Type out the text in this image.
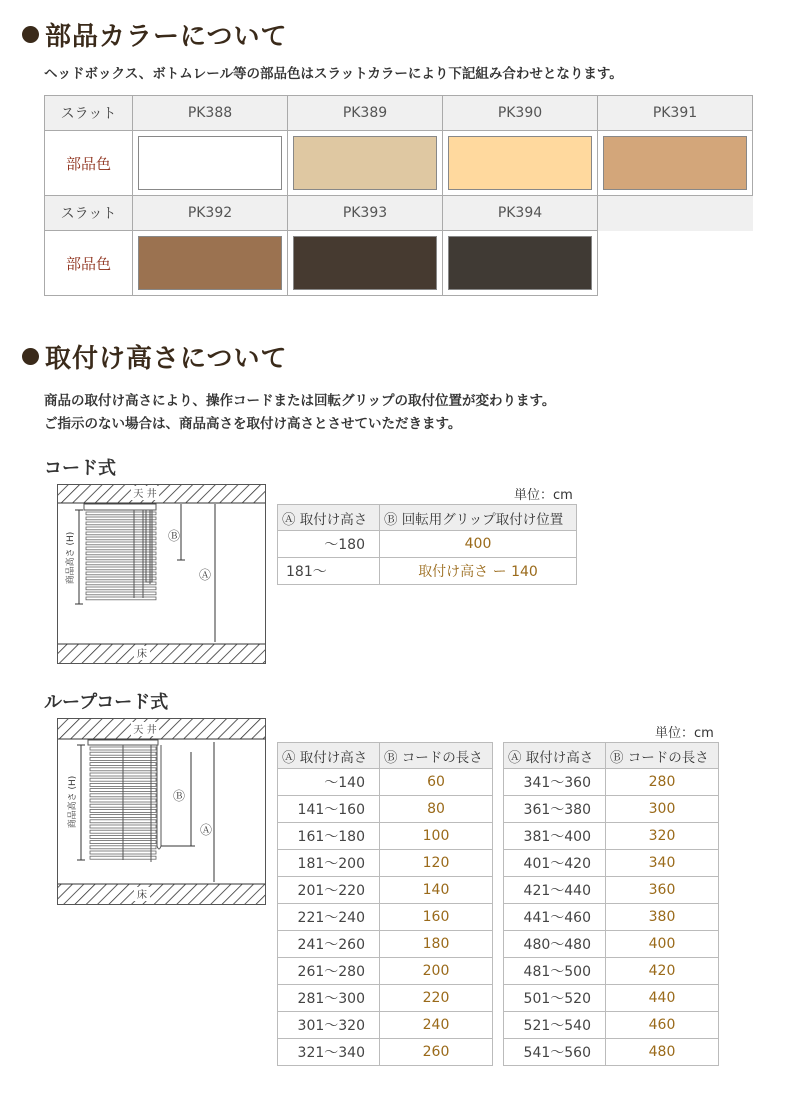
部品カラーについて
ヘッドボックス、ボトムレール等の部品色はスラットカラーにより下記組み合わせとなります。
スラット	PK388	PK389	PK390	PK391
部品色	

スラット	PK392	PK393	PK394	
部品色	

取付け高さについて
商品の取付け高さにより、操作コードまたは回転グリップの取付位置が変わります。
ご指示のない場合は、商品高さを取付け高さとさせていただきます。
コード式
天 井
床
商品高さ (H)	Ⓑ
Ⓐ
単位：cm
Ⓐ 取付け高さ	Ⓑ 回転用グリップ取付け位置
～180	400
181～	取付け高さ ー 140
ループコード式
天 井
床
商品高さ (H)	Ⓑ
Ⓐ
単位：cm
Ⓐ 取付け高さ	Ⓑ コードの長さ
～140	60
141～160	80
161～180	100
181～200	120
201～220	140
221～240	160
241～260	180
261～280	200
281～300	220
301～320	240
321～340	260
Ⓐ 取付け高さ	Ⓑ コードの長さ
341～360	280
361～380	300
381～400	320
401～420	340
421～440	360
441～460	380
480～480	400
481～500	420
501～520	440
521～540	460
541～560	480
